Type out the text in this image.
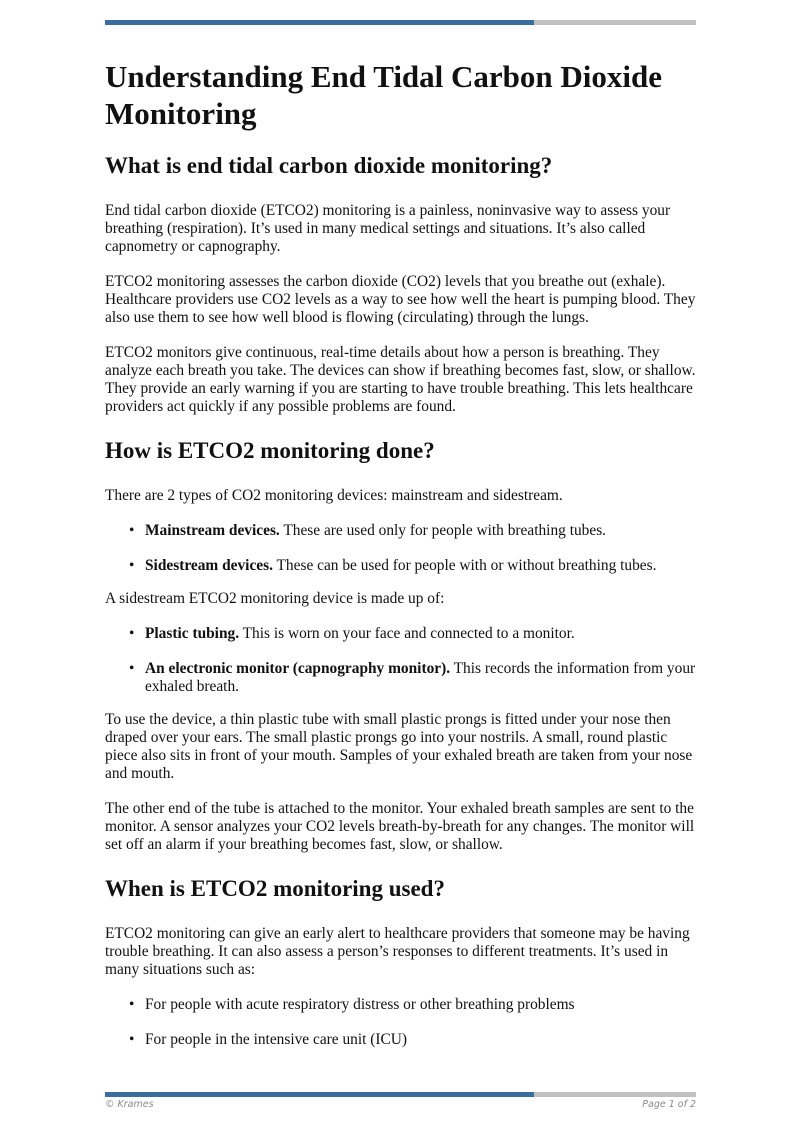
Understanding End Tidal Carbon Dioxide Monitoring
What is end tidal carbon dioxide monitoring?

End tidal carbon dioxide (ETCO2) monitoring is a painless, noninvasive way to assess your breathing (respiration). It’s used in many medical settings and situations. It’s also called capnometry or capnography.

ETCO2 monitoring assesses the carbon dioxide (CO2) levels that you breathe out (exhale). Healthcare providers use CO2 levels as a way to see how well the heart is pumping blood. They also use them to see how well blood is flowing (circulating) through the lungs.

ETCO2 monitors give continuous, real-time details about how a person is breathing. They analyze each breath you take. The devices can show if breathing becomes fast, slow, or shallow. They provide an early warning if you are starting to have trouble breathing. This lets healthcare providers act quickly if any possible problems are found.

How is ETCO2 monitoring done?

There are 2 types of CO2 monitoring devices: mainstream and sidestream.

• Mainstream devices. These are used only for people with breathing tubes.
• Sidestream devices. These can be used for people with or without breathing tubes.

A sidestream ETCO2 monitoring device is made up of:

• Plastic tubing. This is worn on your face and connected to a monitor.
• An electronic monitor (capnography monitor). This records the information from your exhaled breath.

To use the device, a thin plastic tube with small plastic prongs is fitted under your nose then draped over your ears. The small plastic prongs go into your nostrils. A small, round plastic piece also sits in front of your mouth. Samples of your exhaled breath are taken from your nose and mouth.

The other end of the tube is attached to the monitor. Your exhaled breath samples are sent to the monitor. A sensor analyzes your CO2 levels breath-by-breath for any changes. The monitor will set off an alarm if your breathing becomes fast, slow, or shallow.

When is ETCO2 monitoring used?

ETCO2 monitoring can give an early alert to healthcare providers that someone may be having trouble breathing. It can also assess a person’s responses to different treatments. It’s used in many situations such as:

• For people with acute respiratory distress or other breathing problems
• For people in the intensive care unit (ICU)
© Krames	Page 1 of 2
